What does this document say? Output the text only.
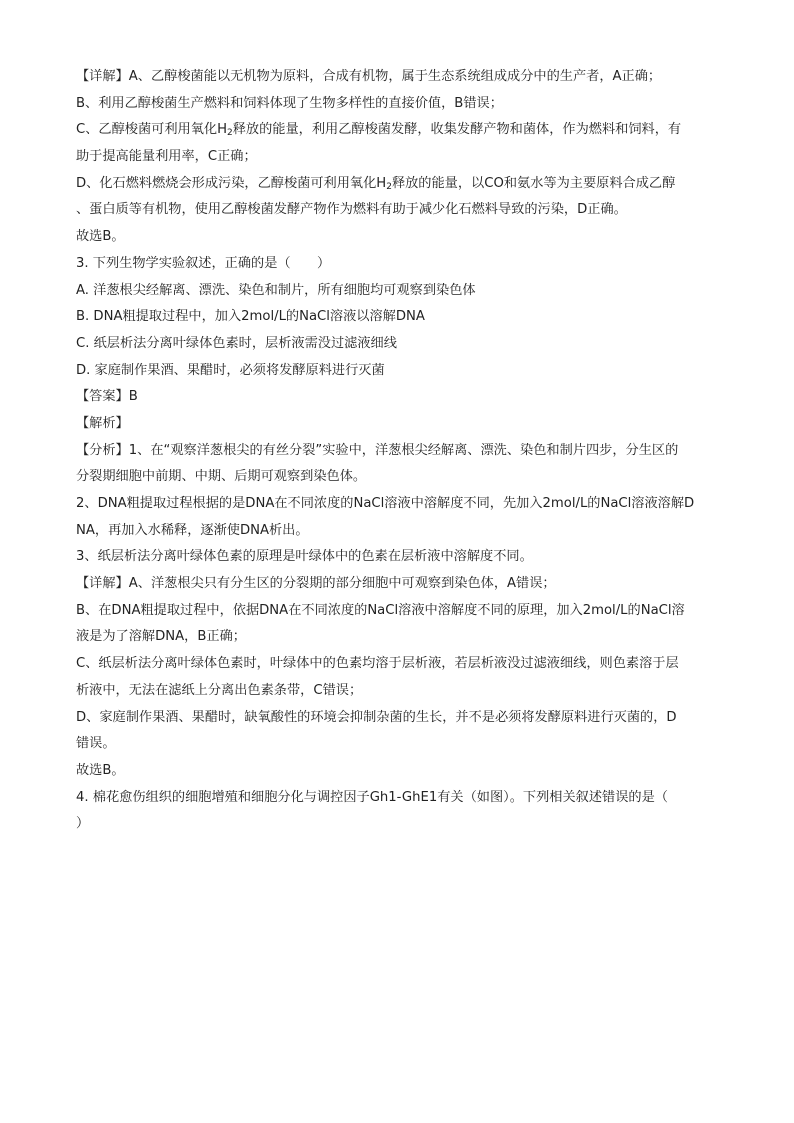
【详解】A、乙醇梭菌能以无机物为原料，合成有机物，属于生态系统组成成分中的生产者，A正确；
B、利用乙醇梭菌生产燃料和饲料体现了生物多样性的直接价值，B错误；
C、乙醇梭菌可利用氧化$H_2$释放的能量，利用乙醇梭菌发酵，收集发酵产物和菌体，作为燃料和饲料，有
助于提高能量利用率，C正确；
D、化石燃料燃烧会形成污染，乙醇梭菌可利用氧化$H_2$释放的能量，以CO和氨水等为主要原料合成乙醇
、蛋白质等有机物，使用乙醇梭菌发酵产物作为燃料有助于减少化石燃料导致的污染，D正确。
故选B。
3. 下列生物学实验叙述，正确的是（　　）
A. 洋葱根尖经解离、漂洗、染色和制片，所有细胞均可观察到染色体
B. DNA粗提取过程中，加入2mol/L的NaCl溶液以溶解DNA
C. 纸层析法分离叶绿体色素时，层析液需没过滤液细线
D. 家庭制作果酒、果醋时，必须将发酵原料进行灭菌
【答案】B
【解析】
【分析】1、在“观察洋葱根尖的有丝分裂”实验中，洋葱根尖经解离、漂洗、染色和制片四步，分生区的
分裂期细胞中前期、中期、后期可观察到染色体。
2、DNA粗提取过程根据的是DNA在不同浓度的NaCl溶液中溶解度不同，先加入2mol/L的NaCl溶液溶解D
NA，再加入水稀释，逐渐使DNA析出。
3、纸层析法分离叶绿体色素的原理是叶绿体中的色素在层析液中溶解度不同。
【详解】A、洋葱根尖只有分生区的分裂期的部分细胞中可观察到染色体，A错误；
B、在DNA粗提取过程中，依据DNA在不同浓度的NaCl溶液中溶解度不同的原理，加入2mol/L的NaCl溶
液是为了溶解DNA，B正确；
C、纸层析法分离叶绿体色素时，叶绿体中的色素均溶于层析液，若层析液没过滤液细线，则色素溶于层
析液中，无法在滤纸上分离出色素条带，C错误；
D、家庭制作果酒、果醋时，缺氧酸性的环境会抑制杂菌的生长，并不是必须将发酵原料进行灭菌的，D
错误。
故选B。
4. 棉花愈伤组织的细胞增殖和细胞分化与调控因子Gh1-GhE1有关（如图）。下列相关叙述错误的是（
）
